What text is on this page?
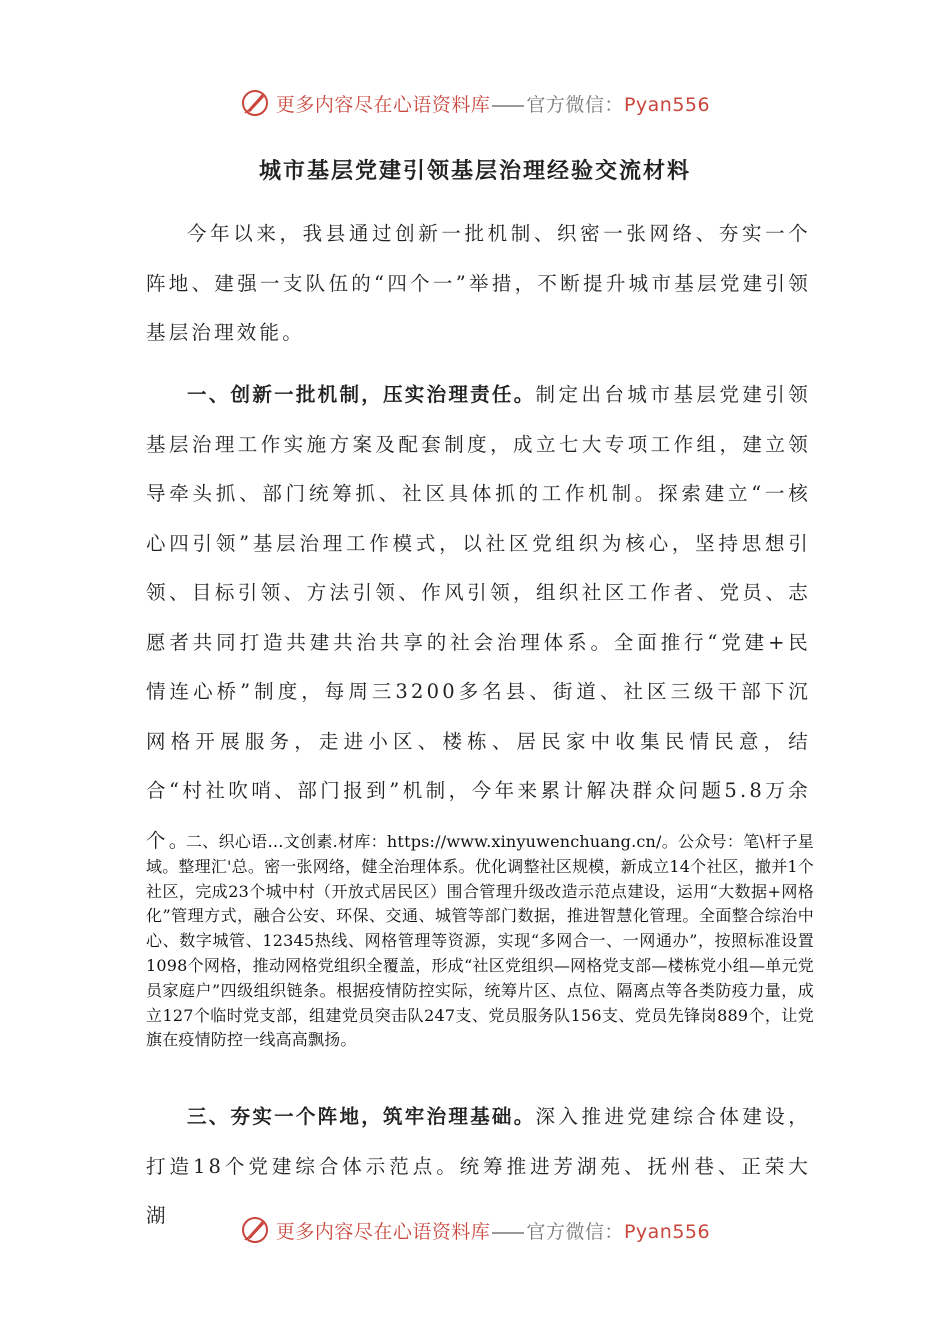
更多内容尽在心语资料库 官方微信：Pyan556
城市基层党建引领基层治理经验交流材料

今年以来，我县通过创新一批机制、织密一张网络、夯实一个阵地、建强一支队伍的“四个一”举措，不断提升城市基层党建引领基层治理效能。

一、创新一批机制，压实治理责任。制定出台城市基层党建引领基层治理工作实施方案及配套制度，成立七大专项工作组，建立领导牵头抓、部门统筹抓、社区具体抓的工作机制。探索建立“一核心四引领”基层治理工作模式，以社区党组织为核心，坚持思想引领、目标引领、方法引领、作风引领，组织社区工作者、党员、志愿者共同打造共建共治共享的社会治理体系。全面推行“党建+民情连心桥”制度，每周三3200多名县、街道、社区三级干部下沉网格开展服务，走进小区、楼栋、居民家中收集民情民意，结合“村社吹哨、部门报到”机制，今年来累计解决群众问题5.8万余个。

二、织心语…文创素.材库：https://www.xinyuwenchuang.cn/。公众号：笔\杆子星域。整理汇'总。密一张网络，健全治理体系。优化调整社区规模，新成立14个社区，撤并1个社区，完成23个城中村（开放式居民区）围合管理升级改造示范点建设，运用“大数据+网格化”管理方式，融合公安、环保、交通、城管等部门数据，推进智慧化管理。全面整合综治中心、数字城管、12345热线、网格管理等资源，实现“多网合一、一网通办”，按照标准设置1098个网格，推动网格党组织全覆盖，形成“社区党组织—网格党支部—楼栋党小组—单元党员家庭户”四级组织链条。根据疫情防控实际，统筹片区、点位、隔离点等各类防疫力量，成立127个临时党支部，组建党员突击队247支、党员服务队156支、党员先锋岗889个，让党旗在疫情防控一线高高飘扬。

三、夯实一个阵地，筑牢治理基础。深入推进党建综合体建设，打造18个党建综合体示范点。统筹推进芳湖苑、抚州巷、正荣大湖

更多内容尽在心语资料库 官方微信：Pyan556
